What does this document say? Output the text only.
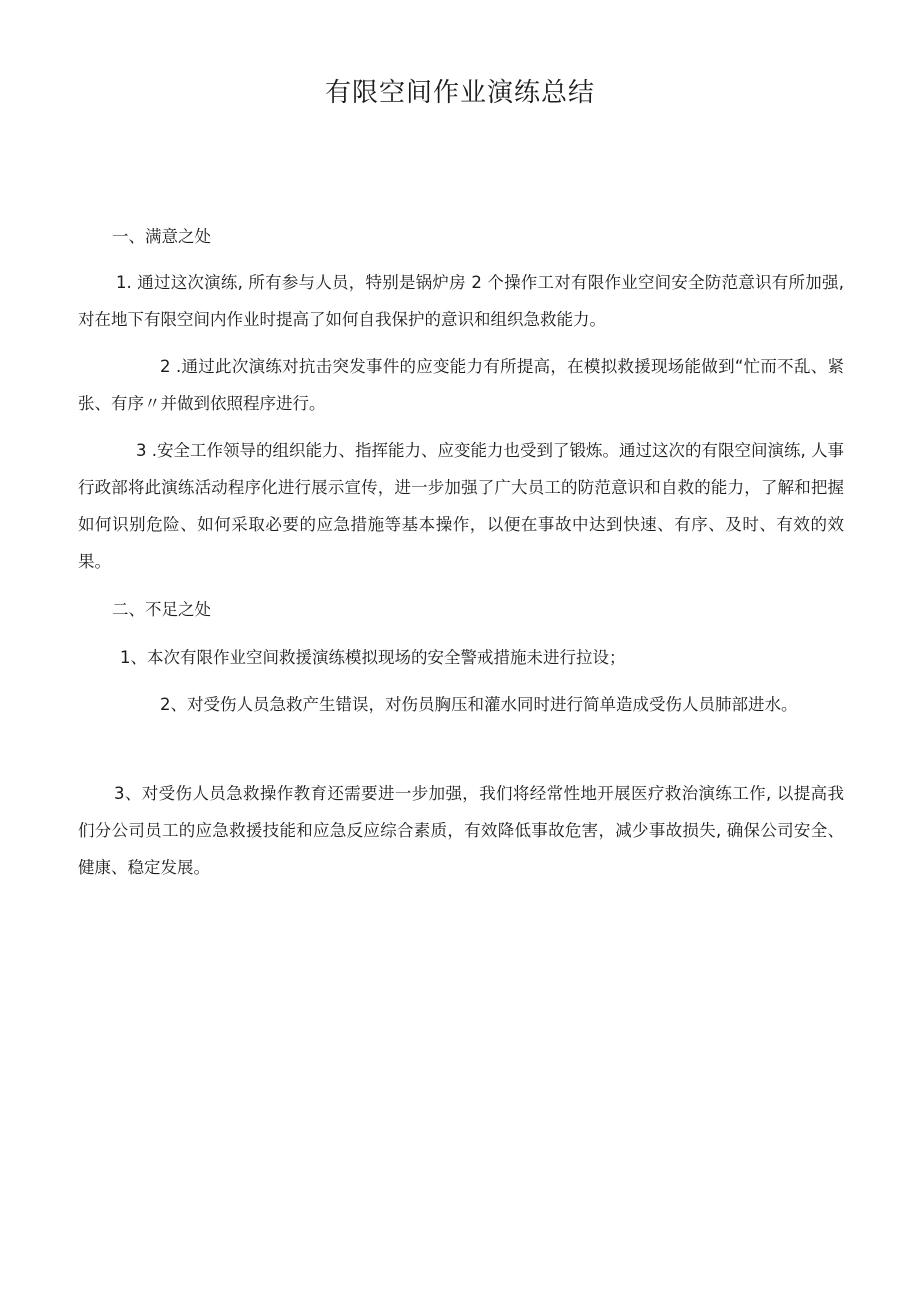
有限空间作业演练总结

一、满意之处

1. 通过这次演练, 所有参与人员，特别是锅炉房 2 个操作工对有限作业空间安全防范意识有所加强, 对在地下有限空间内作业时提高了如何自我保护的意识和组织急救能力。

2 .通过此次演练对抗击突发事件的应变能力有所提高，在模拟救援现场能做到“忙而不乱、紧张、有序〃并做到依照程序进行。

3 .安全工作领导的组织能力、指挥能力、应变能力也受到了锻炼。通过这次的有限空间演练, 人事行政部将此演练活动程序化进行展示宣传，进一步加强了广大员工的防范意识和自救的能力，了解和把握如何识别危险、如何采取必要的应急措施等基本操作，以便在事故中达到快速、有序、及时、有效的效果。

二、不足之处

1、本次有限作业空间救援演练模拟现场的安全警戒措施未进行拉设；

2、对受伤人员急救产生错误，对伤员胸压和灌水同时进行简单造成受伤人员肺部进水。

3、对受伤人员急救操作教育还需要进一步加强，我们将经常性地开展医疗救治演练工作, 以提高我们分公司员工的应急救援技能和应急反应综合素质，有效降低事故危害，减少事故损失, 确保公司安全、健康、稳定发展。
